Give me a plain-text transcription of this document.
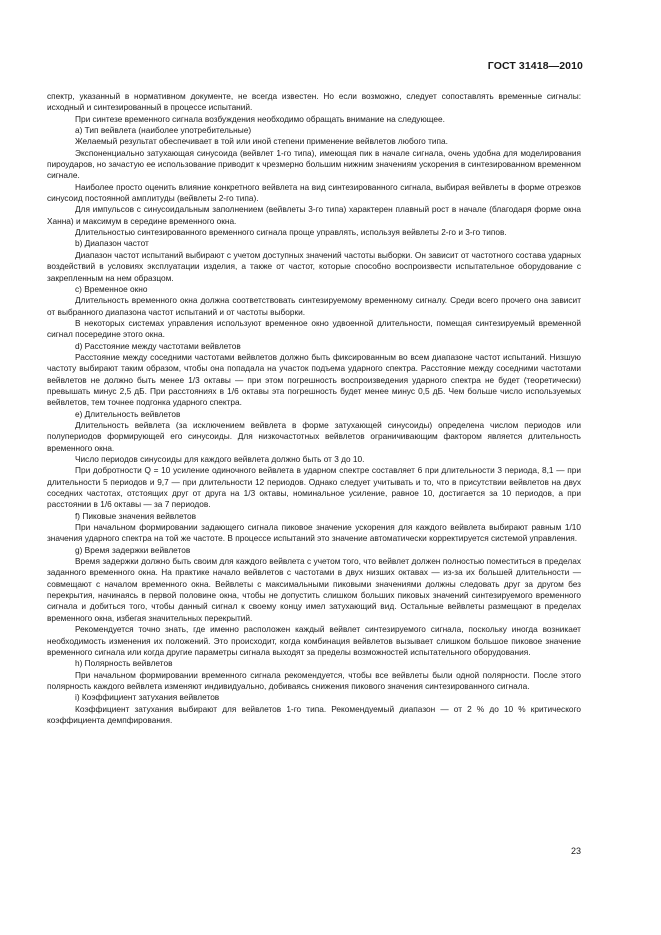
ГОСТ 31418—2010

спектр, указанный в нормативном документе, не всегда известен. Но если возможно, следует сопоставлять временные сигналы: исходный и синтезированный в процессе испытаний.

При синтезе временного сигнала возбуждения необходимо обращать внимание на следующее.

a) Тип вейвлета (наиболее употребительные)

Желаемый результат обеспечивает в той или иной степени применение вейвлетов любого типа.

Экспоненциально затухающая синусоида (вейвлет 1-го типа), имеющая пик в начале сигнала, очень удобна для моделирования пироударов, но зачастую ее использование приводит к чрезмерно большим нижним значениям ускорения в синтезированном временном сигнале.

Наиболее просто оценить влияние конкретного вейвлета на вид синтезированного сигнала, выбирая вейвлеты в форме отрезков синусоид постоянной амплитуды (вейвлеты 2-го типа).

Для импульсов с синусоидальным заполнением (вейвлеты 3-го типа) характерен плавный рост в начале (благодаря форме окна Ханна) и максимум в середине временного окна.

Длительностью синтезированного временного сигнала проще управлять, используя вейвлеты 2-го и 3-го типов.

b) Диапазон частот

Диапазон частот испытаний выбирают с учетом доступных значений частоты выборки. Он зависит от частотного состава ударных воздействий в условиях эксплуатации изделия, а также от частот, которые способно воспроизвести испытательное оборудование с закрепленным на нем образцом.

c) Временное окно

Длительность временного окна должна соответствовать синтезируемому временному сигналу. Среди всего прочего она зависит от выбранного диапазона частот испытаний и от частоты выборки.

В некоторых системах управления используют временное окно удвоенной длительности, помещая синтезируемый временной сигнал посередине этого окна.

d) Расстояние между частотами вейвлетов

Расстояние между соседними частотами вейвлетов должно быть фиксированным во всем диапазоне частот испытаний. Низшую частоту выбирают таким образом, чтобы она попадала на участок подъема ударного спектра. Расстояние между соседними частотами вейвлетов не должно быть менее 1/3 октавы — при этом погрешность воспроизведения ударного спектра не будет (теоретически) превышать минус 2,5 дБ. При расстояниях в 1/6 октавы эта погрешность будет менее минус 0,5 дБ. Чем больше число используемых вейвлетов, тем точнее подгонка ударного спектра.

e) Длительность вейвлетов

Длительность вейвлета (за исключением вейвлета в форме затухающей синусоиды) определена числом периодов или полупериодов формирующей его синусоиды. Для низкочастотных вейвлетов ограничивающим фактором является длительность временного окна.

Число периодов синусоиды для каждого вейвлета должно быть от 3 до 10.

При добротности Q = 10 усиление одиночного вейвлета в ударном спектре составляет 6 при длительности 3 периода, 8,1 — при длительности 5 периодов и 9,7 — при длительности 12 периодов. Однако следует учитывать и то, что в присутствии вейвлетов на двух соседних частотах, отстоящих друг от друга на 1/3 октавы, номинальное усиление, равное 10, достигается за 10 периодов, а при расстоянии в 1/6 октавы — за 7 периодов.

f) Пиковые значения вейвлетов

При начальном формировании задающего сигнала пиковое значение ускорения для каждого вейвлета выбирают равным 1/10 значения ударного спектра на той же частоте. В процессе испытаний это значение автоматически корректируется системой управления.

g) Время задержки вейвлетов

Время задержки должно быть своим для каждого вейвлета с учетом того, что вейвлет должен полностью поместиться в пределах заданного временного окна. На практике начало вейвлетов с частотами в двух низших октавах — из-за их большей длительности — совмещают с началом временного окна. Вейвлеты с максимальными пиковыми значениями должны следовать друг за другом без перекрытия, начинаясь в первой половине окна, чтобы не допустить слишком больших пиковых значений синтезируемого временного сигнала и добиться того, чтобы данный сигнал к своему концу имел затухающий вид. Остальные вейвлеты размещают в пределах временного окна, избегая значительных перекрытий.

Рекомендуется точно знать, где именно расположен каждый вейвлет синтезируемого сигнала, поскольку иногда возникает необходимость изменения их положений. Это происходит, когда комбинация вейвлетов вызывает слишком большое пиковое значение временного сигнала или когда другие параметры сигнала выходят за пределы возможностей испытательного оборудования.

h) Полярность вейвлетов

При начальном формировании временного сигнала рекомендуется, чтобы все вейвлеты были одной полярности. После этого полярность каждого вейвлета изменяют индивидуально, добиваясь снижения пикового значения синтезированного сигнала.

i) Коэффициент затухания вейвлетов

Коэффициент затухания выбирают для вейвлетов 1-го типа. Рекомендуемый диапазон — от 2 % до 10 % критического коэффициента демпфирования.

23
